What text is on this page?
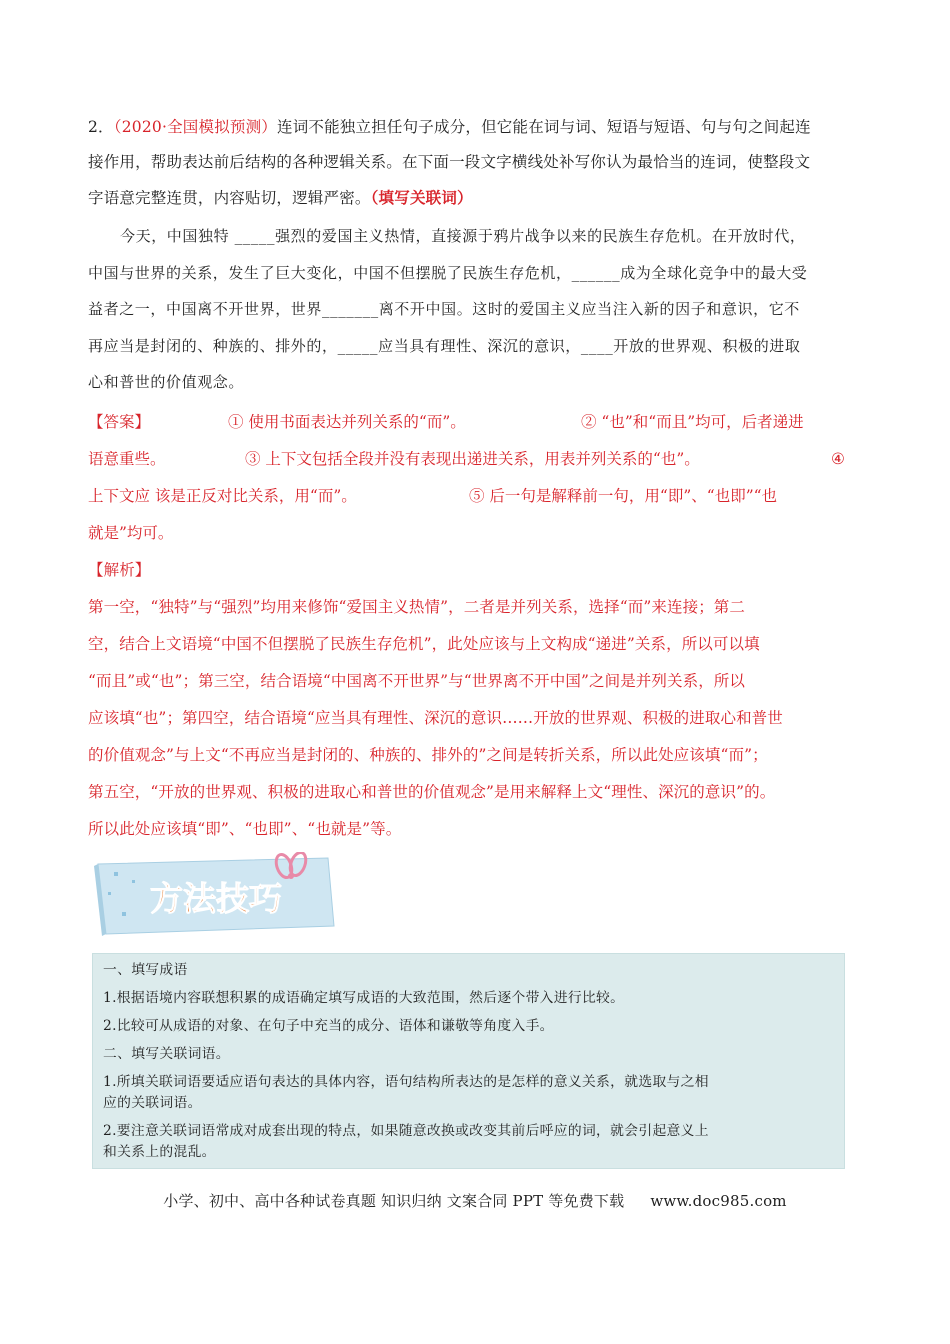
2．（2020·全国模拟预测）连词不能独立担任句子成分，但它能在词与词、短语与短语、句与句之间起连
接作用，帮助表达前后结构的各种逻辑关系。在下面一段文字横线处补写你认为最恰当的连词，使整段文
字语意完整连贯，内容贴切，逻辑严密。（填写关联词）
今天，中国独特 _____强烈的爱国主义热情，直接源于鸦片战争以来的民族生存危机。在开放时代，
中国与世界的关系，发生了巨大变化，中国不但摆脱了民族生存危机，______成为全球化竞争中的最大受
益者之一，中国离不开世界，世界_______离不开中国。这时的爱国主义应当注入新的因子和意识，它不
再应当是封闭的、种族的、排外的，_____应当具有理性、深沉的意识，____开放的世界观、积极的进取
心和普世的价值观念。
【答案】	① 使用书面表达并列关系的“而”。	② “也”和“而且”均可，后者递进
语意重些。	③ 上下文包括全段并没有表现出递进关系，用表并列关系的“也”。	④
上下文应 该是正反对比关系，用“而”。	⑤ 后一句是解释前一句，用“即”、“也即”“也
就是”均可。
【解析】
第一空，“独特”与“强烈”均用来修饰“爱国主义热情”，二者是并列关系，选择“而”来连接；第二
空，结合上文语境“中国不但摆脱了民族生存危机”，此处应该与上文构成“递进”关系，所以可以填
“而且”或“也”；第三空，结合语境“中国离不开世界”与“世界离不开中国”之间是并列关系，所以
应该填“也”；第四空，结合语境“应当具有理性、深沉的意识……开放的世界观、积极的进取心和普世
的价值观念”与上文“不再应当是封闭的、种族的、排外的”之间是转折关系，所以此处应该填“而”；
第五空，“开放的世界观、积极的进取心和普世的价值观念”是用来解释上文“理性、深沉的意识”的。
所以此处应该填“即”、“也即”、“也就是”等。
方法技巧
一、填写成语
1.根据语境内容联想积累的成语确定填写成语的大致范围，然后逐个带入进行比较。
2.比较可从成语的对象、在句子中充当的成分、语体和谦敬等角度入手。
二、填写关联词语。
1.所填关联词语要适应语句表达的具体内容，语句结构所表达的是怎样的意义关系，就选取与之相
应的关联词语。
2.要注意关联词语常成对成套出现的特点，如果随意改换或改变其前后呼应的词，就会引起意义上
和关系上的混乱。
小学、初中、高中各种试卷真题 知识归纳 文案合同 PPT 等免费下载 www.doc985.com
